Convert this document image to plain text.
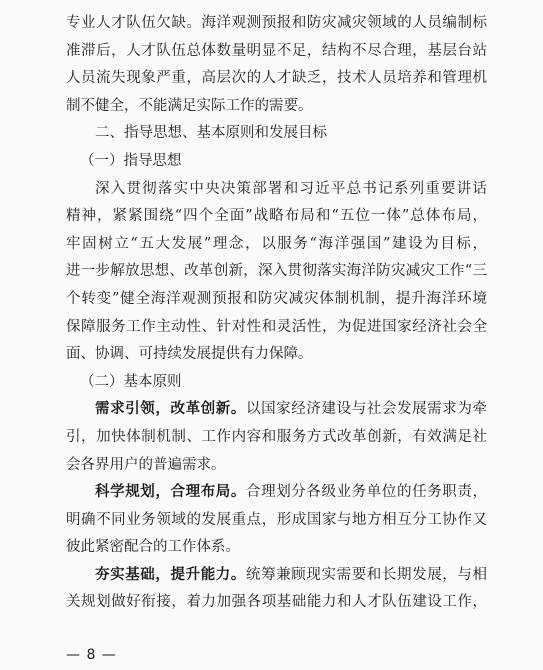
专业人才队伍欠缺。海洋观测预报和防灾减灾领域的人员编制标
准滞后，人才队伍总体数量明显不足，结构不尽合理，基层台站
人员流失现象严重，高层次的人才缺乏，技术人员培养和管理机
制不健全，不能满足实际工作的需要。
二、指导思想、基本原则和发展目标
（一）指导思想
深入贯彻落实中央决策部署和习近平总书记系列重要讲话
精神，紧紧围绕“四个全面”战略布局和“五位一体”总体布局，
牢固树立“五大发展”理念，以服务“海洋强国”建设为目标，
进一步解放思想、改革创新，深入贯彻落实海洋防灾减灾工作“三
个转变”健全海洋观测预报和防灾减灾体制机制，提升海洋环境
保障服务工作主动性、针对性和灵活性，为促进国家经济社会全
面、协调、可持续发展提供有力保障。
（二）基本原则
需求引领，改革创新。以国家经济建设与社会发展需求为牵
引，加快体制机制、工作内容和服务方式改革创新，有效满足社
会各界用户的普遍需求。
科学规划，合理布局。合理划分各级业务单位的任务职责，
明确不同业务领域的发展重点，形成国家与地方相互分工协作又
彼此紧密配合的工作体系。
夯实基础，提升能力。统筹兼顾现实需要和长期发展，与相
关规划做好衔接，着力加强各项基础能力和人才队伍建设工作，
— 8 —
